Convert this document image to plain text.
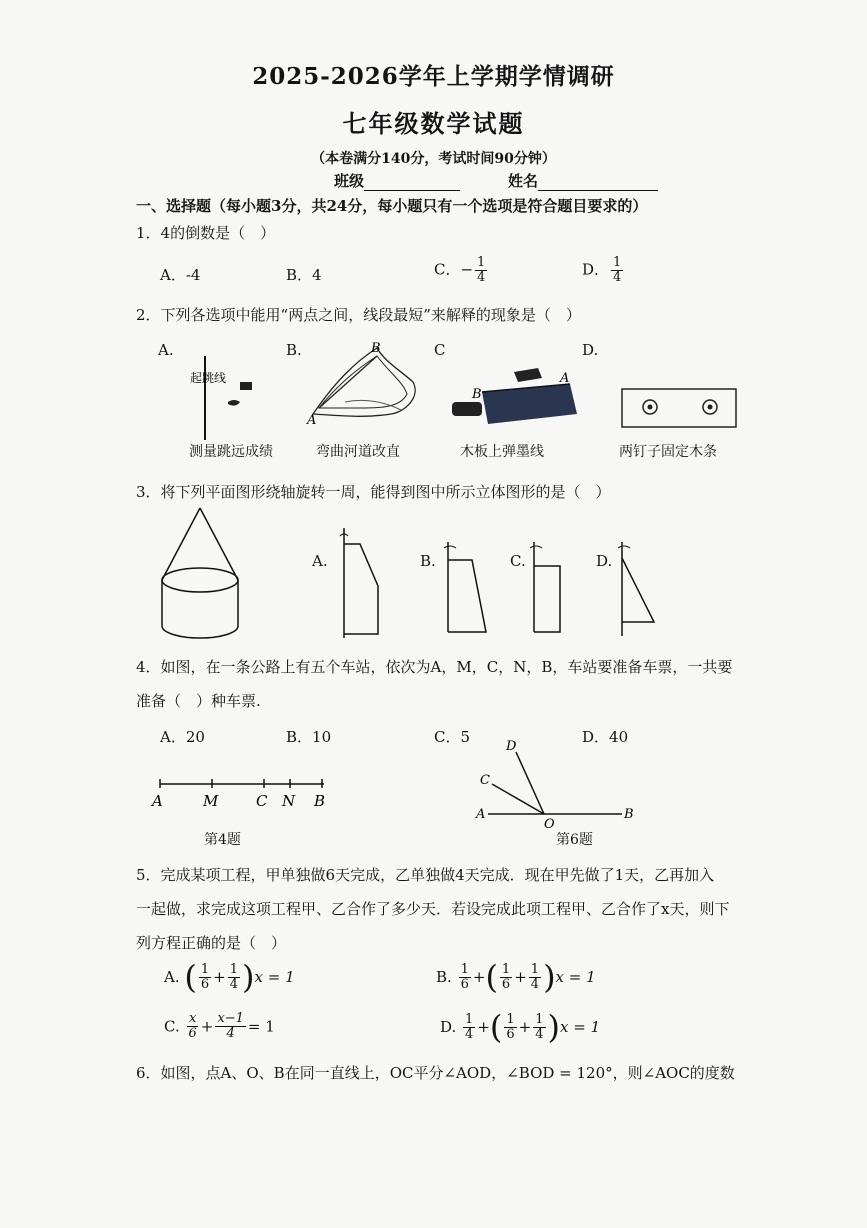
2025-2026学年上学期学情调研
七年级数学试题
（本卷满分140分，考试时间90分钟）
班级	姓名
一、选择题（每小题3分，共24分，每小题只有一个选项是符合题目要求的）
1．4的倒数是（　）
A．-4	B．4	C．− $\frac{1}{4}$	D． $\frac{1}{4}$
2．下列各选项中能用“两点之间，线段最短”来解释的现象是（　）
A.	B.	C	D.
起跳线
测量跳远成绩
A
B
弯曲河道改直
B
A
木板上弹墨线	两钉子固定木条
3．将下列平面图形绕轴旋转一周，能得到图中所示立体图形的是（　）
A.	B.	C.	D.
4．如图，在一条公路上有五个车站，依次为A，M，C，N，B，车站要准备车票，一共要
准备（　）种车票.
A．20	B．10	C．5	D．40
A	M	C N B
第4题
D
C
A
O
B
第6题
5．完成某项工程，甲单独做6天完成，乙单独做4天完成．现在甲先做了1天，乙再加入
一起做，求完成这项工程甲、乙合作了多少天．若设完成此项工程甲、乙合作了x天，则下
列方程正确的是（　）
A. ( $\frac{1}{6} + \frac{1}{4} )x = 1$	B. $\frac{1}{6}$ +( $\frac{1}{6} + \frac{1}{4} )x = 1$
C. $\frac{x}{6} + \frac{x-1}{4} = 1$	D. $\frac{1}{4}$ +( $\frac{1}{6} + \frac{1}{4} )x = 1$
6．如图，点A、O、B在同一直线上，OC平分∠AOD，∠BOD = 120°，则∠AOC的度数
